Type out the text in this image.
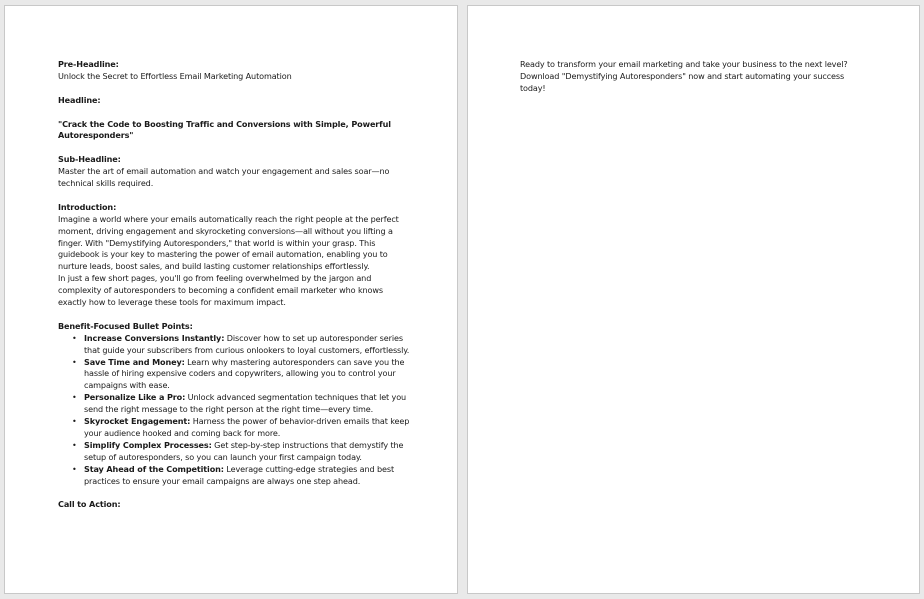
Pre-Headline:

Unlock the Secret to Effortless Email Marketing Automation

Headline:

"Crack the Code to Boosting Traffic and Conversions with Simple, Powerful Autoresponders"

Sub-Headline:

Master the art of email automation and watch your engagement and sales soar—no technical skills required.

Introduction:

Imagine a world where your emails automatically reach the right people at the perfect moment, driving engagement and skyrocketing conversions—all without you lifting a finger. With "Demystifying Autoresponders," that world is within your grasp. This guidebook is your key to mastering the power of email automation, enabling you to nurture leads, boost sales, and build lasting customer relationships effortlessly.

In just a few short pages, you'll go from feeling overwhelmed by the jargon and complexity of autoresponders to becoming a confident email marketer who knows exactly how to leverage these tools for maximum impact.

Benefit-Focused Bullet Points:

• Increase Conversions Instantly: Discover how to set up autoresponder series that guide your subscribers from curious onlookers to loyal customers, effortlessly.
• Save Time and Money: Learn why mastering autoresponders can save you the hassle of hiring expensive coders and copywriters, allowing you to control your campaigns with ease.
• Personalize Like a Pro: Unlock advanced segmentation techniques that let you send the right message to the right person at the right time—every time.
• Skyrocket Engagement: Harness the power of behavior-driven emails that keep your audience hooked and coming back for more.
• Simplify Complex Processes: Get step-by-step instructions that demystify the setup of autoresponders, so you can launch your first campaign today.
• Stay Ahead of the Competition: Leverage cutting-edge strategies and best practices to ensure your email campaigns are always one step ahead.

Call to Action:

Ready to transform your email marketing and take your business to the next level? Download "Demystifying Autoresponders" now and start automating your success today!
